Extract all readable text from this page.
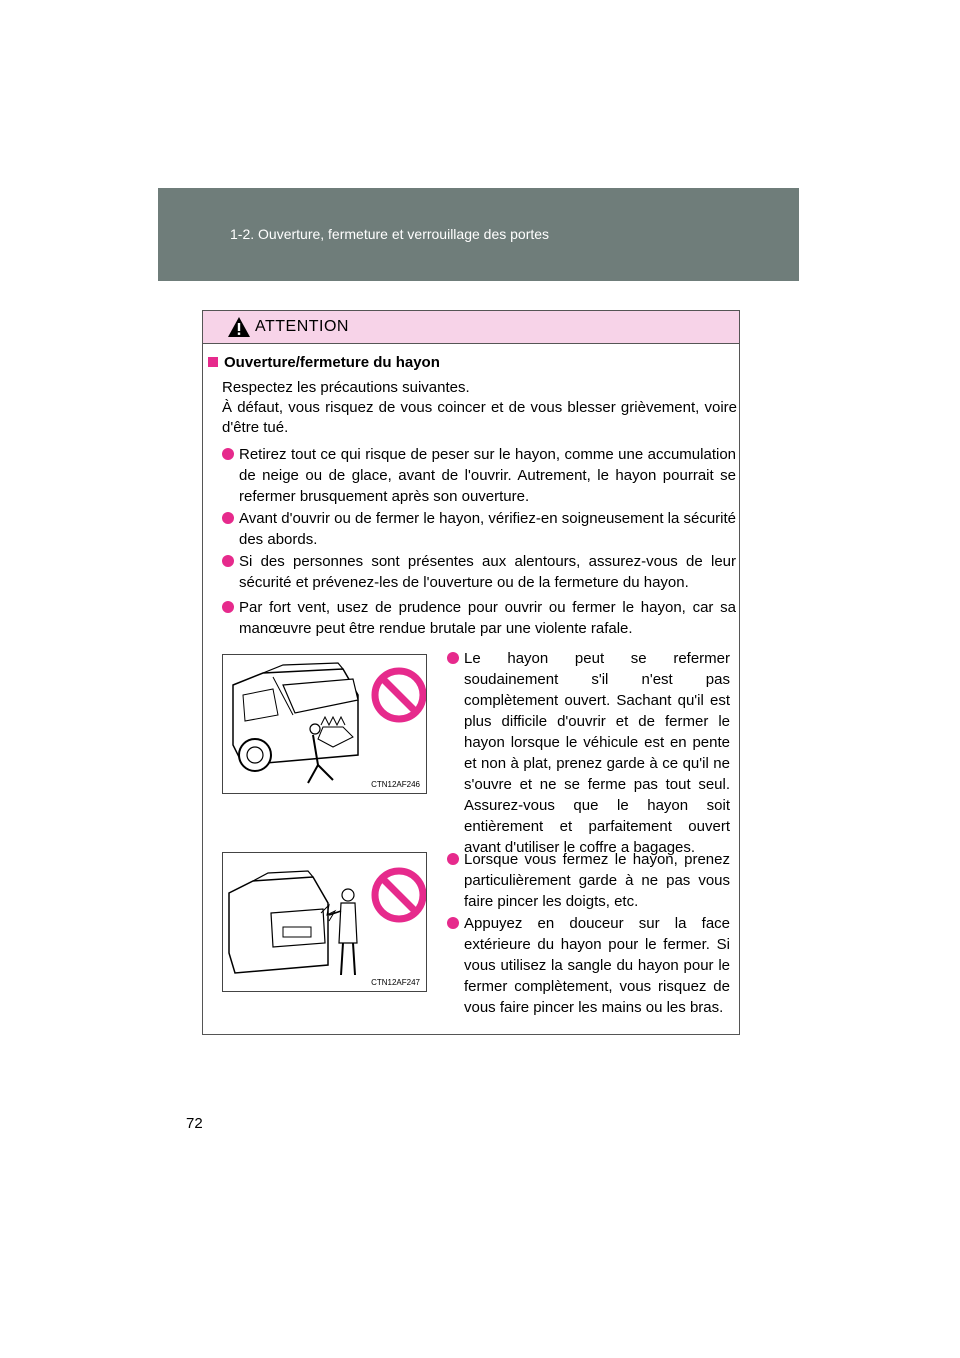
1-2. Ouverture, fermeture et verrouillage des portes
ATTENTION
Ouverture/fermeture du hayon
Respectez les précautions suivantes.
À défaut, vous risquez de vous coincer et de vous blesser grièvement, voire d'être tué.
Retirez tout ce qui risque de peser sur le hayon, comme une accumulation de neige ou de glace, avant de l'ouvrir. Autrement, le hayon pourrait se refermer brusquement après son ouverture.
Avant d'ouvrir ou de fermer le hayon, vérifiez-en soigneusement la sécurité des abords.
Si des personnes sont présentes aux alentours, assurez-vous de leur sécurité et prévenez-les de l'ouverture ou de la fermeture du hayon.
Par fort vent, usez de prudence pour ouvrir ou fermer le hayon, car sa manœuvre peut être rendue brutale par une violente rafale.
CTN12AF246
CTN12AF247
Le hayon peut se refermer soudainement s'il n'est pas complètement ouvert. Sachant qu'il est plus difficile d'ouvrir et de fermer le hayon lorsque le véhicule est en pente et non à plat, prenez garde à ce qu'il ne s'ouvre et ne se ferme pas tout seul. Assurez-vous que le hayon soit entièrement et parfaitement ouvert avant d'utiliser le coffre a bagages.
Lorsque vous fermez le hayon, prenez particulièrement garde à ne pas vous faire pincer les doigts, etc.
Appuyez en douceur sur la face extérieure du hayon pour le fermer. Si vous utilisez la sangle du hayon pour le fermer complètement, vous risquez de vous faire pincer les mains ou les bras.
72
